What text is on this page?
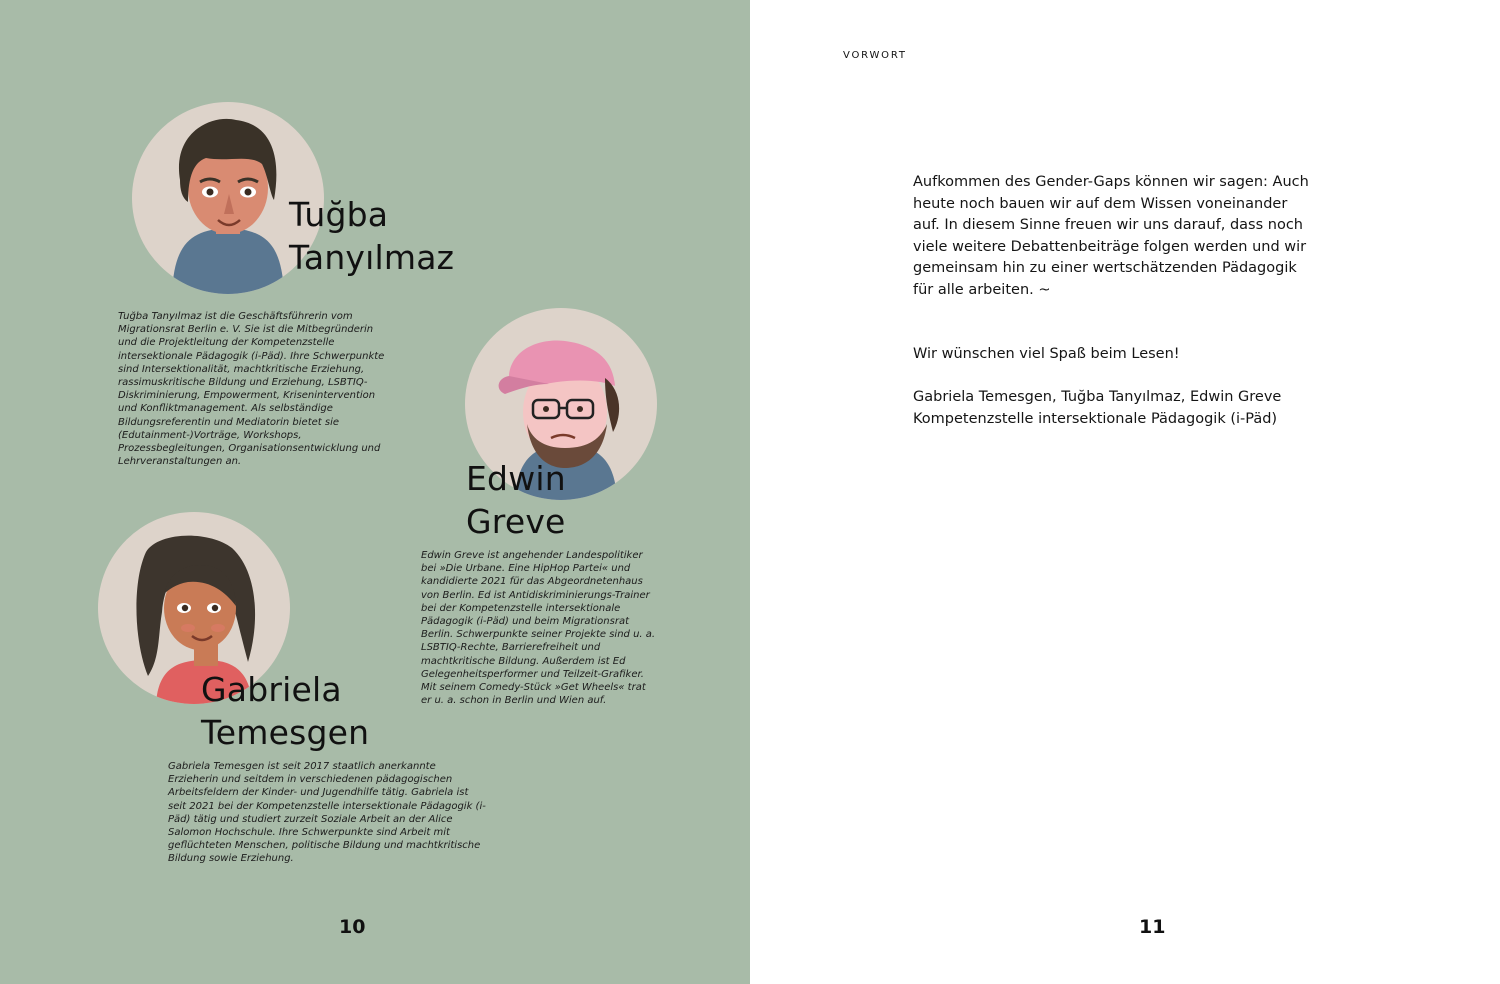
Tuğba
Tanyılmaz

Tuğba Tanyılmaz ist die Geschäftsführerin vom Migrationsrat Berlin e. V. Sie ist die Mitbegründerin und die Projektleitung der Kompetenzstelle intersektionale Pädagogik (i-Päd). Ihre Schwerpunkte sind Intersektionalität, machtkritische Erziehung, rassimuskritische Bildung und Erziehung, LSBTIQ-Diskriminierung, Empowerment, Krisenintervention und Konfliktmanagement. Als selbständige Bildungsreferentin und Mediatorin bietet sie (Edutainment-)Vorträge, Workshops, Prozessbegleitungen, Organisationsentwicklung und Lehrveranstaltungen an.	Edwin
Greve

Edwin Greve ist angehender Landespolitiker bei »Die Urbane. Eine HipHop Partei« und kandidierte 2021 für das Abgeordnetenhaus von Berlin. Ed ist Antidiskriminierungs-Trainer bei der Kompetenzstelle intersektionale Pädagogik (i-Päd) und beim Migrationsrat Berlin. Schwerpunkte seiner Projekte sind u. a. LSBTIQ-Rechte, Barrierefreiheit und machtkritische Bildung. Außerdem ist Ed Gelegenheitsperformer und Teilzeit-Grafiker. Mit seinem Comedy-Stück »Get Wheels« trat er u. a. schon in Berlin und Wien auf.

Gabriela
Temesgen

Gabriela Temesgen ist seit 2017 staatlich anerkannte Erzieherin und seitdem in verschiedenen pädagogischen Arbeitsfeldern der Kinder- und Jugendhilfe tätig. Gabriela ist seit 2021 bei der Kompetenzstelle intersektionale Pädagogik (i-Päd) tätig und studiert zurzeit Soziale Arbeit an der Alice Salomon Hochschule. Ihre Schwerpunkte sind Arbeit mit geflüchteten Menschen, politische Bildung und machtkritische Bildung sowie Erziehung.

10
VORWORT

Aufkommen des Gender-Gaps können wir sagen: Auch heute noch bauen wir auf dem Wissen voneinander auf. In diesem Sinne freuen wir uns darauf, dass noch viele weitere Debattenbeiträge folgen werden und wir gemeinsam hin zu einer wertschätzenden Pädagogik für alle arbeiten. ~

Wir wünschen viel Spaß beim Lesen!

Gabriela Temesgen, Tuğba Tanyılmaz, Edwin Greve
Kompetenzstelle intersektionale Pädagogik (i-Päd)

11
